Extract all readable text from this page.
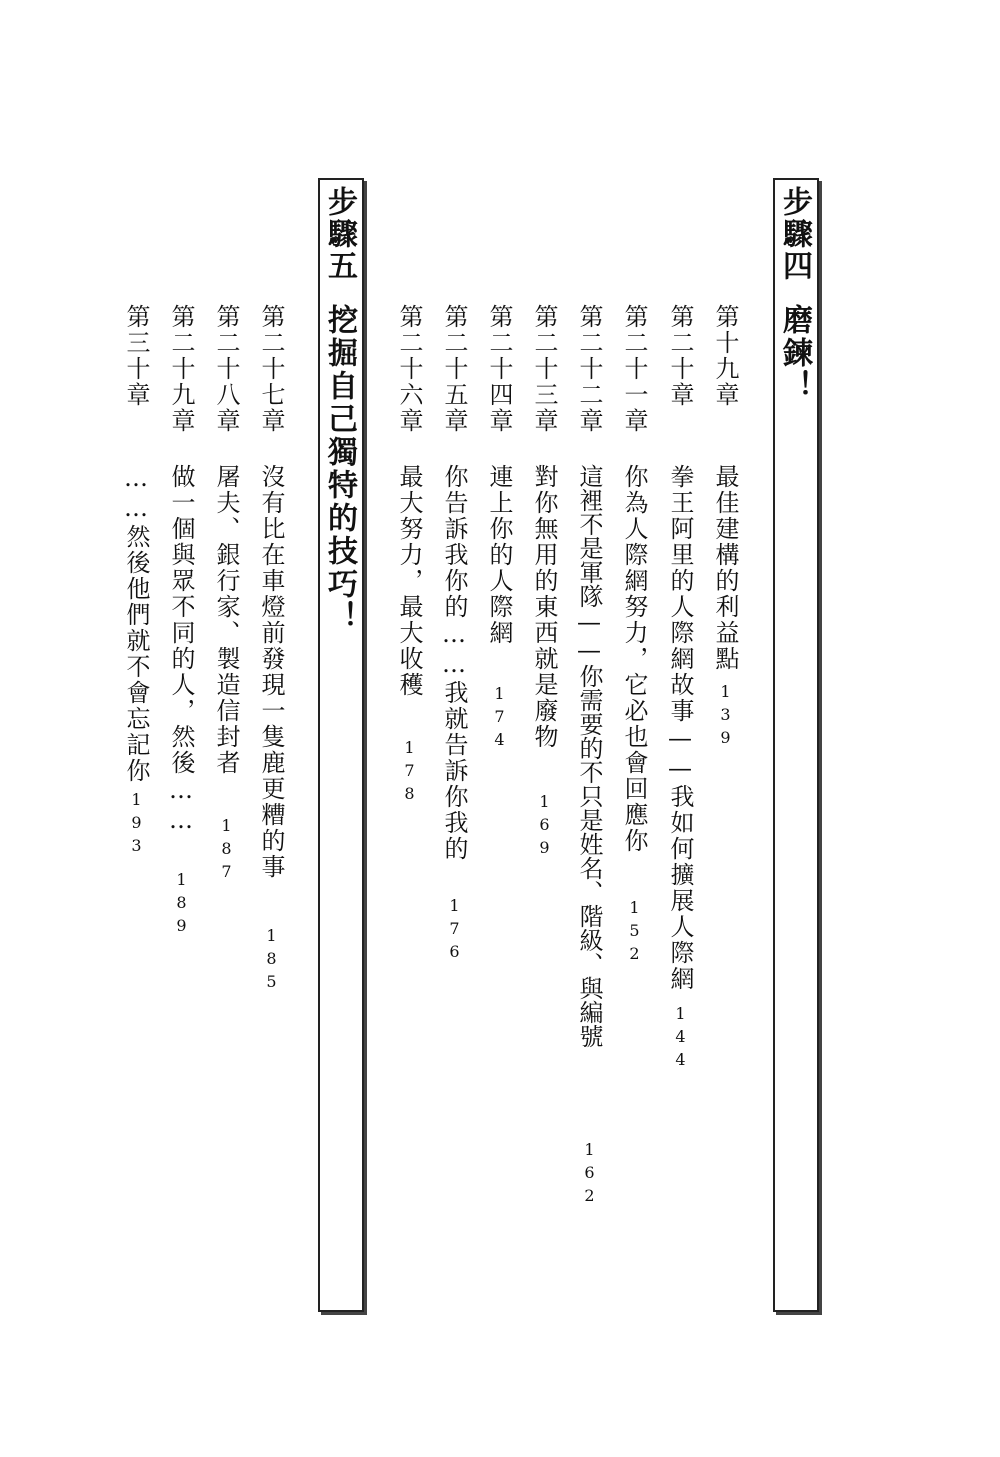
步驟四
磨鍊！
第十九章
最佳建構的利益點
139
第二十章
拳王阿里的人際網故事——我如何擴展人際網
144
第二十一章
你為人際網努力，它必也會回應你
152
第二十二章
這裡不是軍隊——你需要的不只是姓名、階級、與編號
162
第二十三章
對你無用的東西就是廢物
169
第二十四章
連上你的人際網
174
第二十五章
你告訴我你的……我就告訴你我的
176
第二十六章
最大努力，最大收穫
178
步驟五
挖掘自己獨特的技巧！
第二十七章
沒有比在車燈前發現一隻鹿更糟的事
185
第二十八章
屠夫、銀行家、製造信封者
187
第二十九章
做一個與眾不同的人，然後……
189
第三十章
……然後他們就不會忘記你
193
